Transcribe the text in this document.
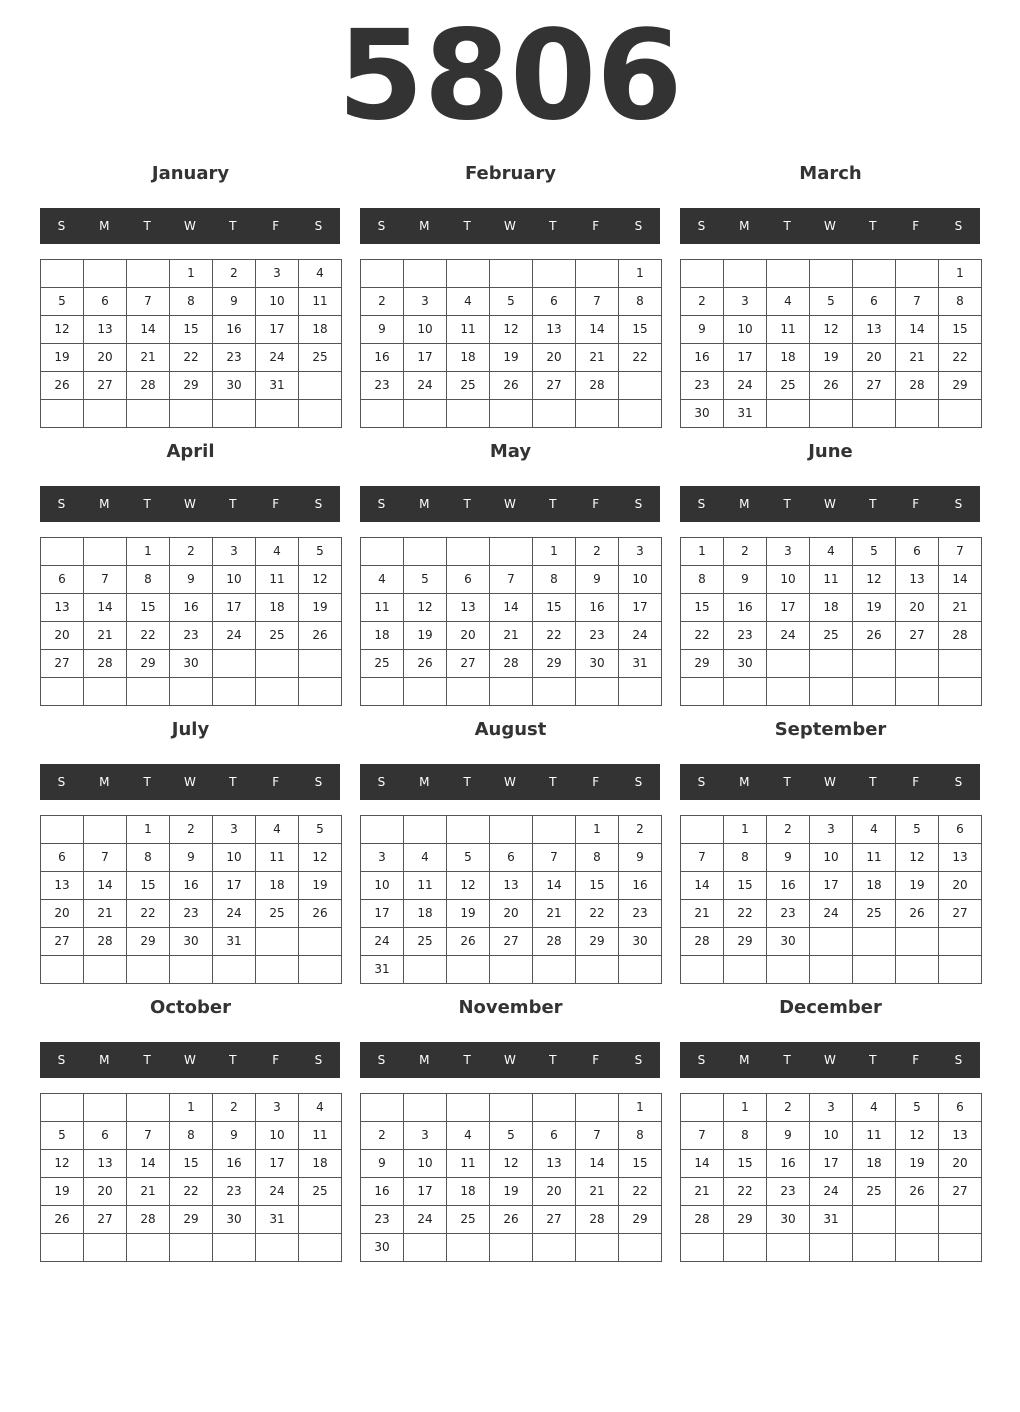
5806
January
S	M	T	W	T	F	S
			1	2	3	4
5	6	7	8	9	10	11
12	13	14	15	16	17	18
19	20	21	22	23	24	25
26	27	28	29	30	31	

February
S	M	T	W	T	F	S
						1
2	3	4	5	6	7	8
9	10	11	12	13	14	15
16	17	18	19	20	21	22
23	24	25	26	27	28	

March
S	M	T	W	T	F	S
						1
2	3	4	5	6	7	8
9	10	11	12	13	14	15
16	17	18	19	20	21	22
23	24	25	26	27	28	29
30	31					
April
S	M	T	W	T	F	S
		1	2	3	4	5
6	7	8	9	10	11	12
13	14	15	16	17	18	19
20	21	22	23	24	25	26
27	28	29	30			

May
S	M	T	W	T	F	S
				1	2	3
4	5	6	7	8	9	10
11	12	13	14	15	16	17
18	19	20	21	22	23	24
25	26	27	28	29	30	31

June
S	M	T	W	T	F	S
1	2	3	4	5	6	7
8	9	10	11	12	13	14
15	16	17	18	19	20	21
22	23	24	25	26	27	28
29	30					

July
S	M	T	W	T	F	S
		1	2	3	4	5
6	7	8	9	10	11	12
13	14	15	16	17	18	19
20	21	22	23	24	25	26
27	28	29	30	31		

August
S	M	T	W	T	F	S
					1	2
3	4	5	6	7	8	9
10	11	12	13	14	15	16
17	18	19	20	21	22	23
24	25	26	27	28	29	30
31						
September
S	M	T	W	T	F	S
	1	2	3	4	5	6
7	8	9	10	11	12	13
14	15	16	17	18	19	20
21	22	23	24	25	26	27
28	29	30				

October
S	M	T	W	T	F	S
			1	2	3	4
5	6	7	8	9	10	11
12	13	14	15	16	17	18
19	20	21	22	23	24	25
26	27	28	29	30	31	

November
S	M	T	W	T	F	S
						1
2	3	4	5	6	7	8
9	10	11	12	13	14	15
16	17	18	19	20	21	22
23	24	25	26	27	28	29
30						
December
S	M	T	W	T	F	S
	1	2	3	4	5	6
7	8	9	10	11	12	13
14	15	16	17	18	19	20
21	22	23	24	25	26	27
28	29	30	31			
